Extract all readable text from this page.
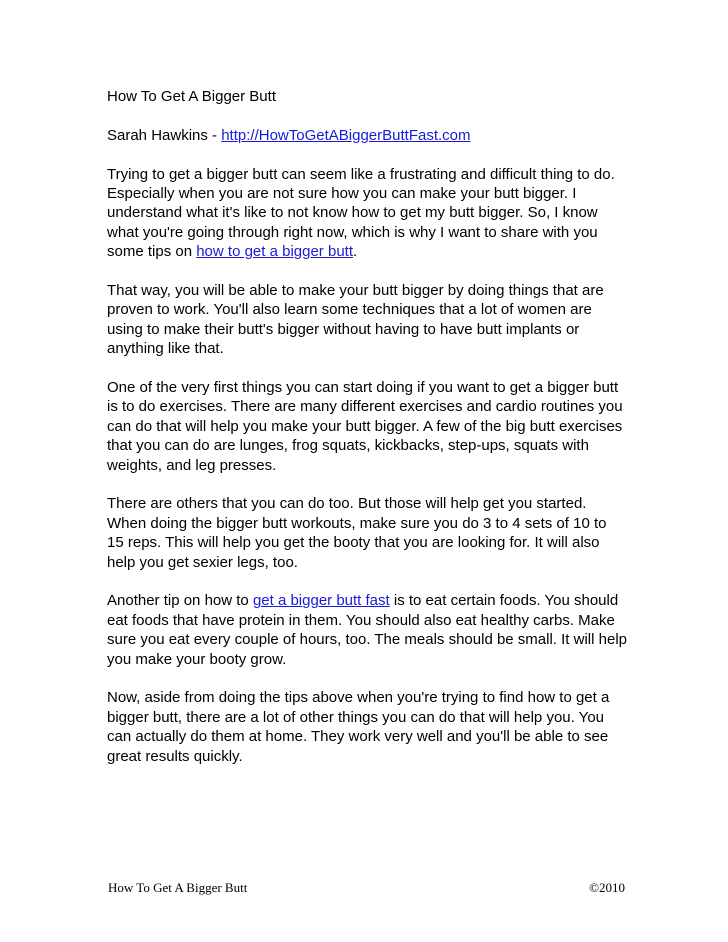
How To Get A Bigger Butt

Sarah Hawkins - http://HowToGetABiggerButtFast.com

Trying to get a bigger butt can seem like a frustrating and difficult thing to do. Especially when you are not sure how you can make your butt bigger. I understand what it's like to not know how to get my butt bigger. So, I know what you're going through right now, which is why I want to share with you some tips on how to get a bigger butt.

That way, you will be able to make your butt bigger by doing things that are proven to work. You'll also learn some techniques that a lot of women are using to make their butt's bigger without having to have butt implants or anything like that.

One of the very first things you can start doing if you want to get a bigger butt is to do exercises. There are many different exercises and cardio routines you can do that will help you make your butt bigger. A few of the big butt exercises that you can do are lunges, frog squats, kickbacks, step-ups, squats with weights, and leg presses.

There are others that you can do too. But those will help get you started. When doing the bigger butt workouts, make sure you do 3 to 4 sets of 10 to 15 reps. This will help you get the booty that you are looking for. It will also help you get sexier legs, too.

Another tip on how to get a bigger butt fast is to eat certain foods. You should eat foods that have protein in them. You should also eat healthy carbs. Make sure you eat every couple of hours, too. The meals should be small. It will help you make your booty grow.

Now, aside from doing the tips above when you're trying to find how to get a bigger butt, there are a lot of other things you can do that will help you. You can actually do them at home. They work very well and you'll be able to see great results quickly.

How To Get A Bigger Butt	©2010
